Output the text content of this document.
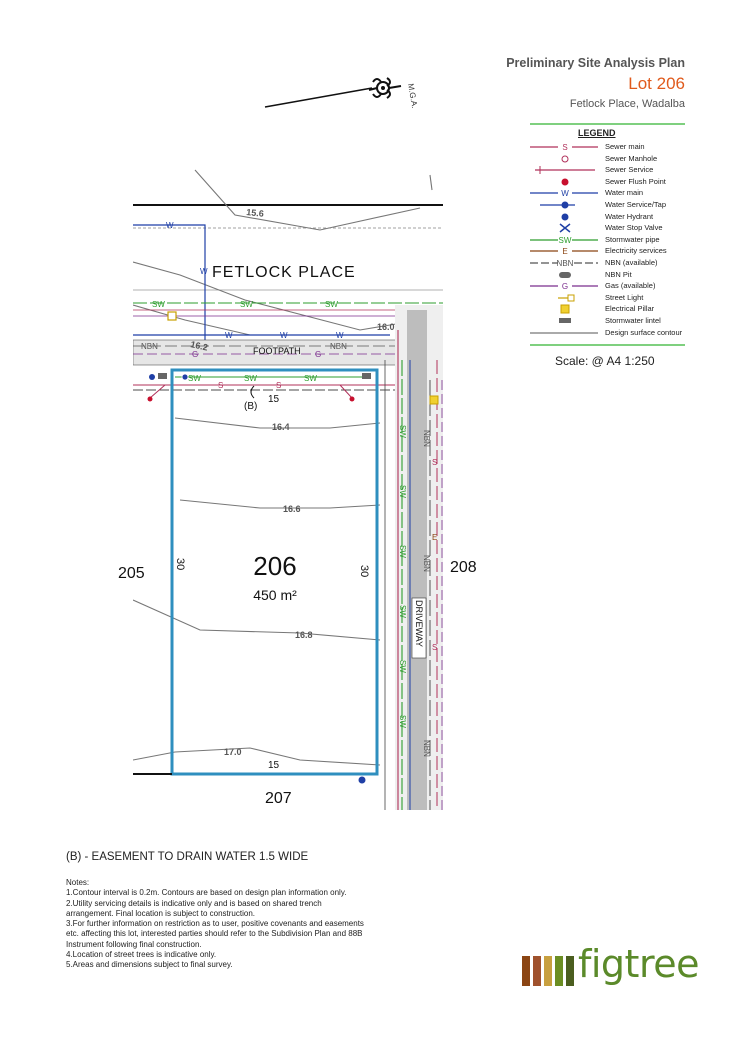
M.G.A.
FETLOCK PLACE
FOOTPATH
DRIVEWAY
206
450 m²
205	208
207
15
15
30
30
(B)
15.6
16.0
16.2
16.4
16.6
16.8
17.0
W
W
W	W	W
SW	SW	SW
SW	SW	SW
NBN	NBN
G	G
S	S
S
S
E
SW
SW
SW
SW
SW
SW
NBN
NBN
NBN
Preliminary Site Analysis Plan
Lot 206
Fetlock Place, Wadalba
LEGEND
S	Sewer main
Sewer Manhole
Sewer Service
Sewer Flush Point
W	Water main
Water Service/Tap
Water Hydrant
Water Stop Valve
SW	Stormwater pipe
E	Electricity services
NBN	NBN (available)
NBN Pit
G	Gas (available)
Street Light
Electrical Pillar
Stormwater lintel
Design surface contour
Scale: @ A4 1:250
(B) - EASEMENT TO DRAIN WATER 1.5 WIDE

Notes:

1.Contour interval is 0.2m. Contours are based on design plan information only.

2.Utility servicing details is indicative only and is based on shared trench arrangement. Final location is subject to construction.

3.For further information on restriction as to user, positive covenants and easements etc. affecting this lot, interested parties should refer to the Subdivision Plan and 88B Instrument following final construction.

4.Location of street trees is indicative only.

5.Areas and dimensions subject to final survey.	figtree
